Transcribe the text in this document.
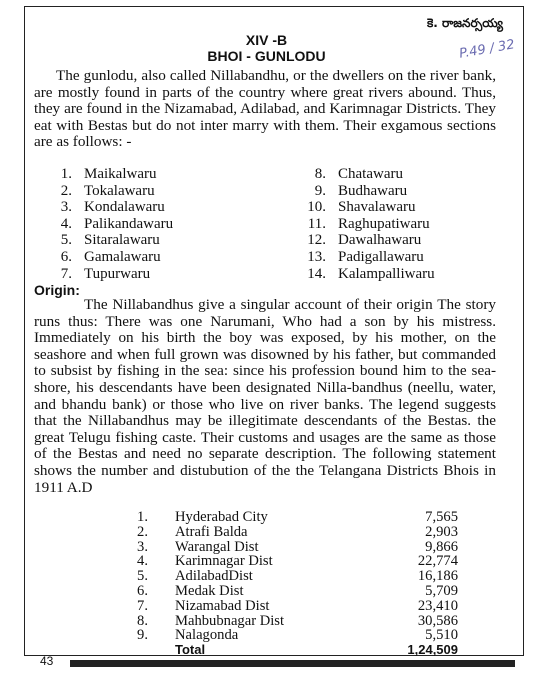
కె. రాజనర్సయ్య
P.49 / 32
XIV -B
BHOI - GUNLODU
The gunlodu, also called Nillabandhu, or the dwellers on the river bank, are mostly found in parts of the country where great rivers abound. Thus, they are found in the Nizamabad, Adilabad, and Karimnagar Districts. They eat with Bestas but do not inter marry with them. Their exgamous sections are as follows: -
1. Maikalwaru
2. Tokalawaru
3. Kondalawaru
4. Palikandawaru
5. Sitaralawaru
6. Gamalawaru
7. Tupurwaru
8. Chatawaru
9. Budhawaru
10. Shavalawaru
11. Raghupatiwaru
12. Dawalhawaru
13. Padigallawaru
14. Kalampalliwaru
Origin:
The Nillabandhus give a singular account of their origin The story runs thus: There was one Narumani, Who had a son by his mistress. Immediately on his birth the boy was exposed, by his mother, on the seashore and when full grown was disowned by his father, but commanded to subsist by fishing in the sea: since his profession bound him to the sea-shore, his descendants have been designated Nilla-bandhus (neellu, water, and bhandu bank) or those who live on river banks. The legend suggests that the Nillabandhus may be illegitimate descendants of the Bestas. the great Telugu fishing caste. Their customs and usages are the same as those of the Bestas and need no separate description. The following statement shows the number and distubution of the the Telangana Districts Bhois in 1911 A.D
1. Hyderabad City	7,565
2. Atrafi Balda	2,903
3. Warangal Dist	9,866
4. Karimnagar Dist	22,774
5. AdilabadDist	16,186
6. Medak Dist	5,709
7. Nizamabad Dist	23,410
8. Mahbubnagar Dist	30,586
9. Nalagonda	5,510
Total	1,24,509
43
